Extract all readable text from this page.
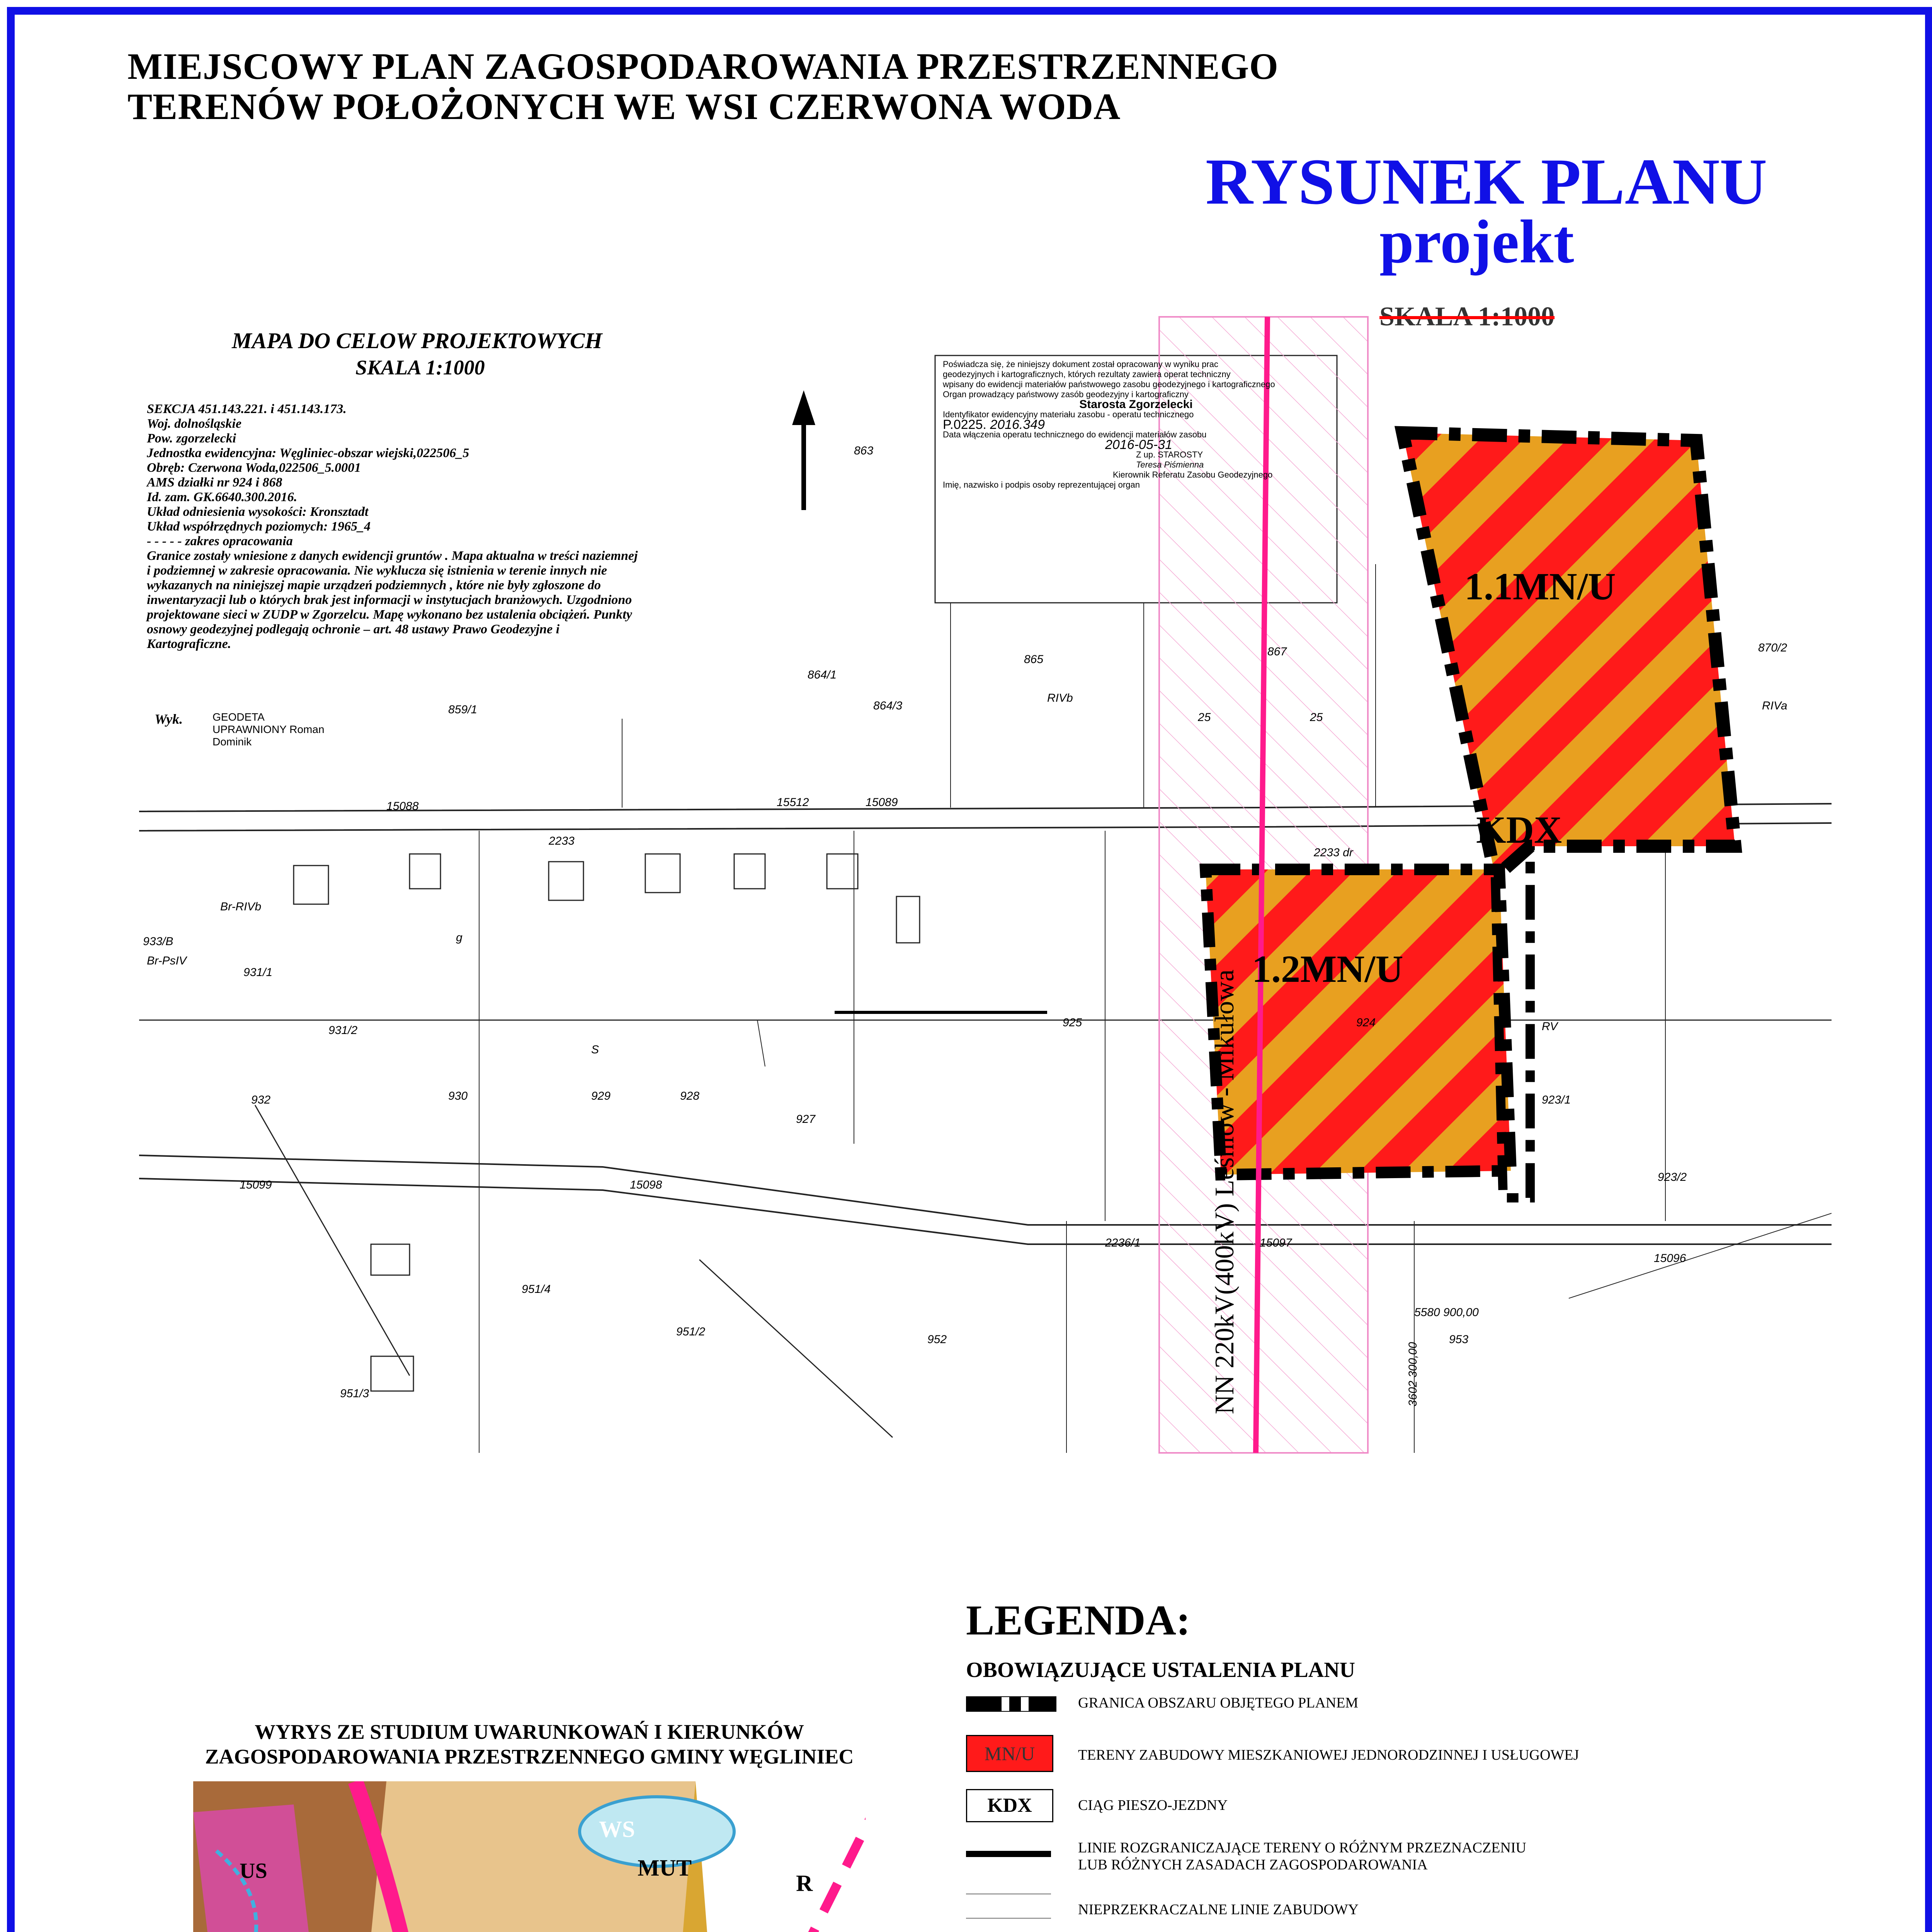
MIEJSCOWY PLAN ZAGOSPODAROWANIA PRZESTRZENNEGO
TERENÓW POŁOŻONYCH WE WSI CZERWONA WODA
RYSUNEK PLANU
projekt
SKALA 1:1000
MAPA DO CELOW PROJEKTOWYCH
SKALA 1:1000
SEKCJA 451.143.221. i 451.143.173.
Woj. dolnośląskie
Pow. zgorzelecki
Jednostka ewidencyjna: Węgliniec-obszar wiejski,022506_5
Obręb: Czerwona Woda,022506_5.0001
AMS działki nr 924 i 868
Id. zam. GK.6640.300.2016.
Układ odniesienia wysokości: Kronsztadt
Układ współrzędnych poziomych: 1965_4
- - - - - zakres opracowania
Granice zostały wniesione z danych ewidencji gruntów . Mapa aktualna w treści naziemnej
i podziemnej w zakresie opracowania. Nie wyklucza się istnienia w terenie innych nie
wykazanych na niniejszej mapie urządzeń podziemnych , które nie były zgłoszone do
inwentaryzacji lub o których brak jest informacji w instytucjach branżowych. Uzgodniono
projektowane sieci w ZUDP w Zgorzelcu. Mapę wykonano bez ustalenia obciążeń. Punkty
osnowy geodezyjnej podlegają ochronie – art. 48 ustawy Prawo Geodezyjne i
Kartograficzne.
Wyk.	GEODETA UPRAWNIONY Roman Dominik
Poświadcza się, że niniejszy dokument został opracowany w wyniku prac
geodezyjnych i kartograficznych, których rezultaty zawiera operat techniczny
wpisany do ewidencji materiałów państwowego zasobu geodezyjnego i kartograficznego
Organ prowadzący państwowy zasób geodezyjny i kartograficzny
Starosta Zgorzelecki
Identyfikator ewidencyjny materiału zasobu - operatu technicznego
P.0225. 2016.349
Data włączenia operatu technicznego do ewidencji materiałów zasobu
2016-05-31
Z up. STAROSTY
Teresa Piśmienna
Kierownik Referatu Zasobu Geodezyjnego
Imię, nazwisko i podpis osoby reprezentującej organ
1.1MN/U
1.2MN/U
KDX
NN 220kV(400kV) Leśniów - Mikułowa
863
865
867	870/2
864/1
864/3
859/1
933/B
931/1
931/2
930	929	928
927
932
925	924
923/1
923/2
951/4
951/2
951/3
952	953
15099	15098
15097
15096
15512
15088	15089
2233
2236/1
2233 dr
RIVb
RIVa
RV
Br-PsIV
Br-RIVb
S
g
25	25
5580 900,00
3602 300,00
LEGENDA:
OBOWIĄZUJĄCE USTALENIA PLANU
GRANICA OBSZARU OBJĘTEGO PLANEM
MN/U	TERENY ZABUDOWY MIESZKANIOWEJ JEDNORODZINNEJ I USŁUGOWEJ
KDX	CIĄG PIESZO-JEZDNY
LINIE ROZGRANICZAJĄCE TERENY O RÓŻNYM PRZEZNACZENIU
LUB RÓŻNYCH ZASADACH ZAGOSPODAROWANIA
NIEPRZEKRACZALNE LINIE ZABUDOWY
WYRYS ZE STUDIUM UWARUNKOWAŃ I KIERUNKÓW
ZAGOSPODAROWANIA PRZESTRZENNEGO GMINY WĘGLINIEC
WS
MUT
R
US
